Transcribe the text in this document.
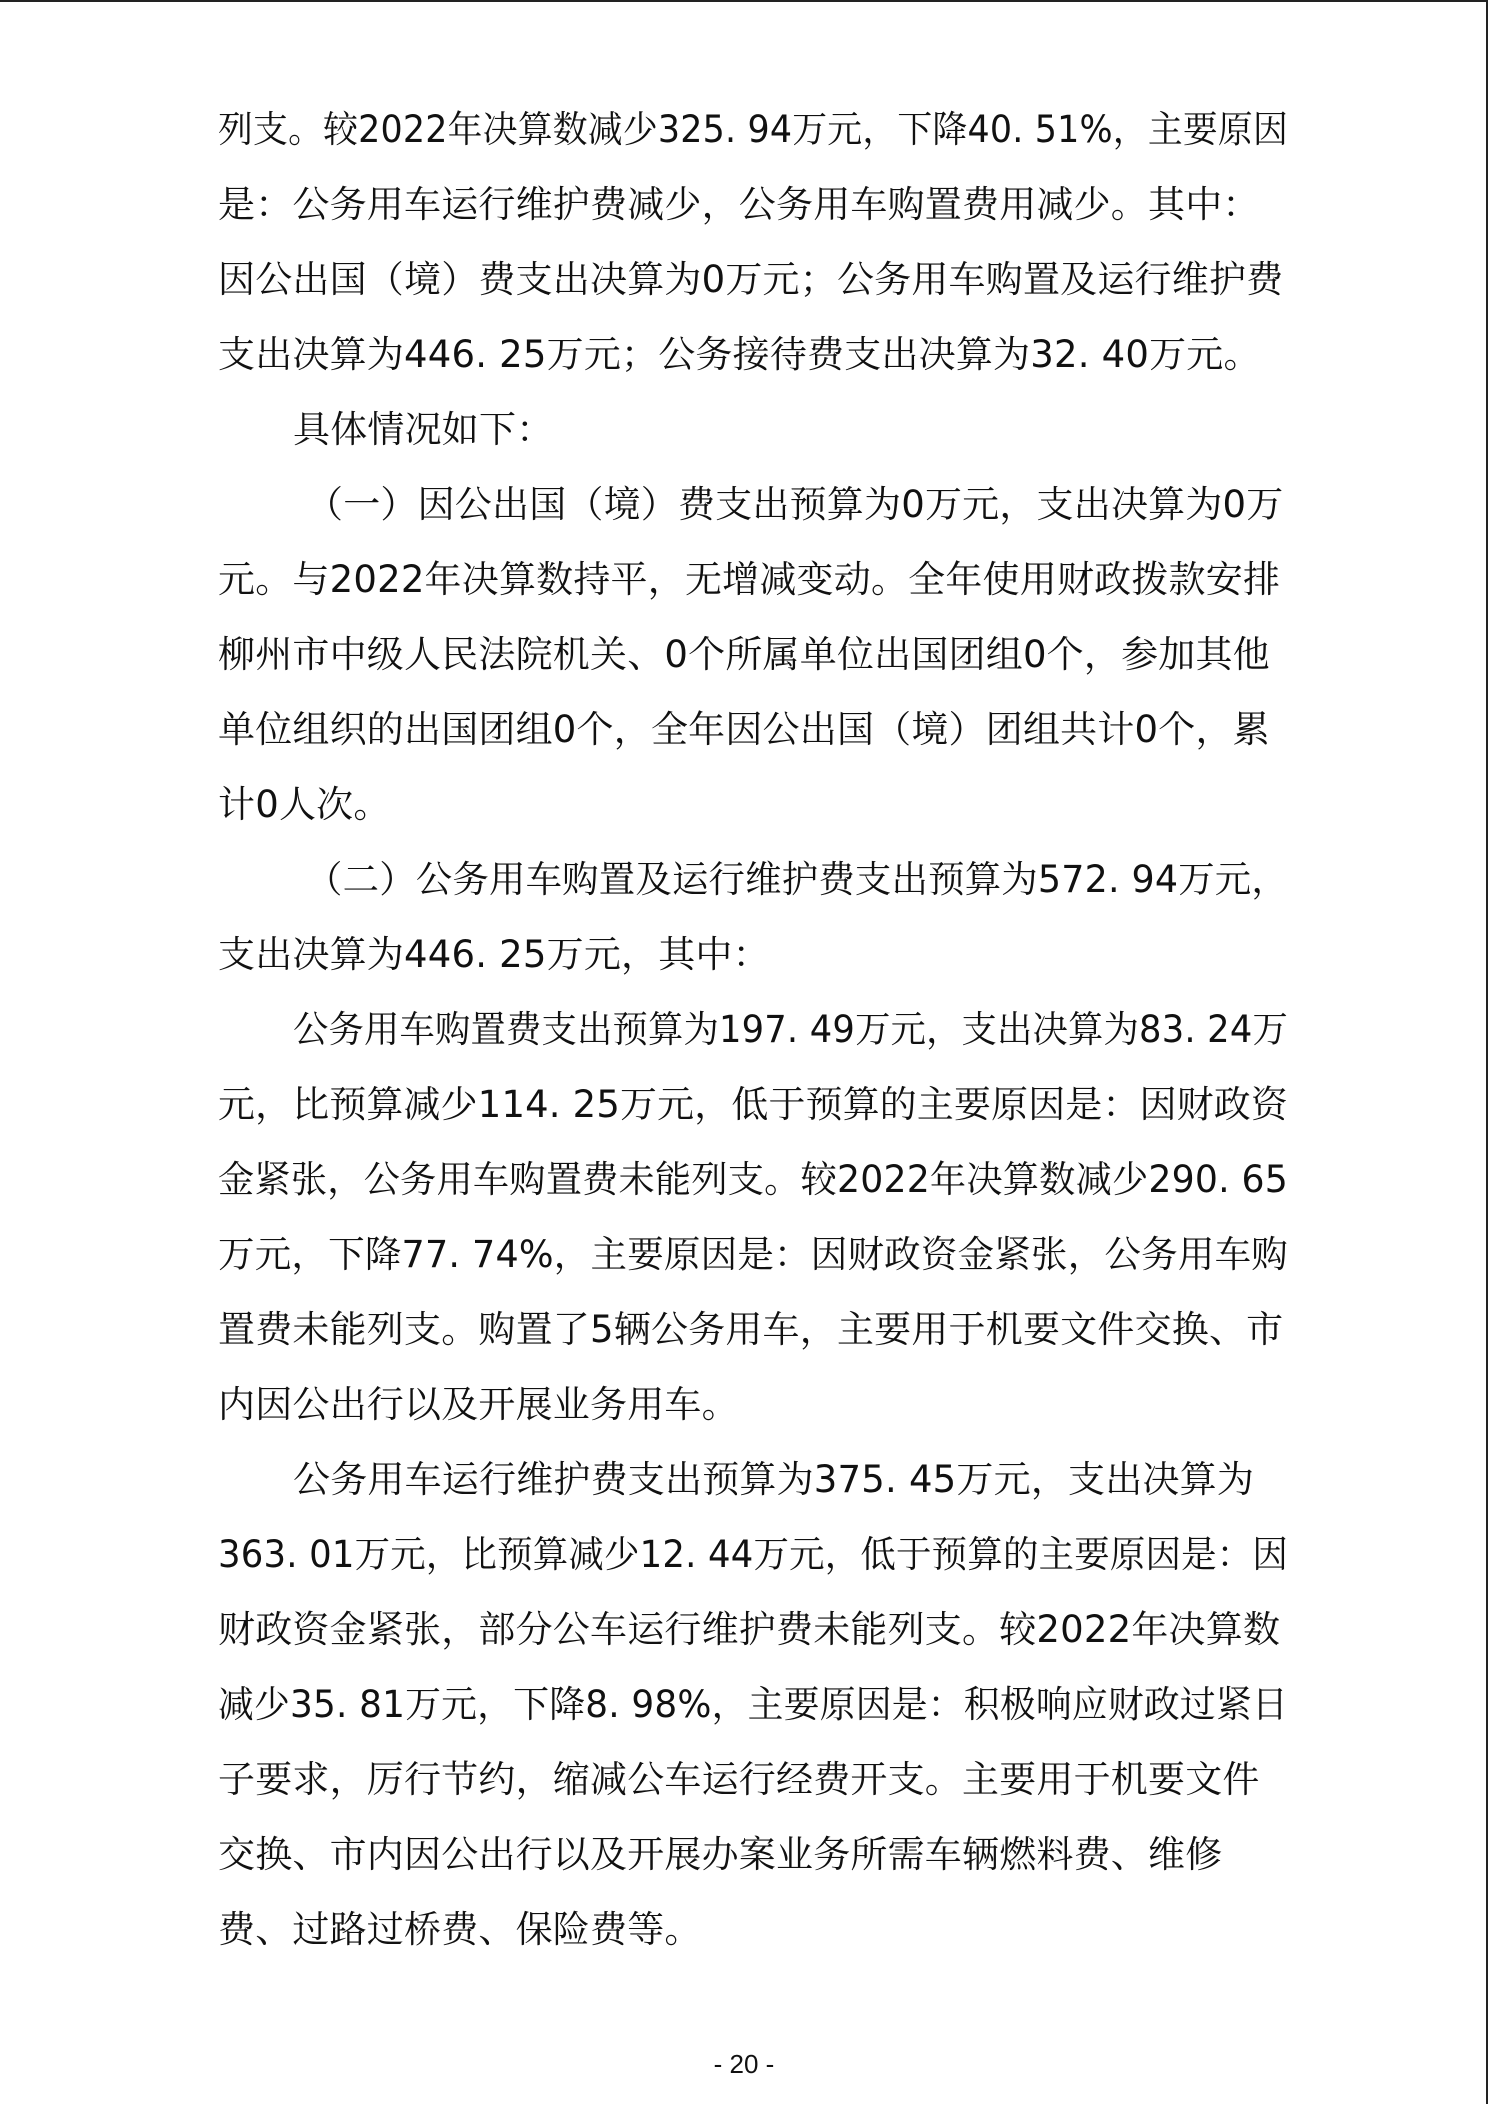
列支。较2022年决算数减少325. 94万元，下降40. 51%，主要原因
是：公务用车运行维护费减少，公务用车购置费用减少。其中：
因公出国（境）费支出决算为0万元；公务用车购置及运行维护费
支出决算为446. 25万元；公务接待费支出决算为32. 40万元。
具体情况如下：
（一）因公出国（境）费支出预算为0万元，支出决算为0万
元。与2022年决算数持平，无增减变动。全年使用财政拨款安排
柳州市中级人民法院机关、0个所属单位出国团组0个，参加其他
单位组织的出国团组0个，全年因公出国（境）团组共计0个，累
计0人次。
（二）公务用车购置及运行维护费支出预算为572. 94万元，
支出决算为446. 25万元，其中：
公务用车购置费支出预算为197. 49万元，支出决算为83. 24万
元，比预算减少114. 25万元，低于预算的主要原因是：因财政资
金紧张，公务用车购置费未能列支。较2022年决算数减少290. 65
万元，下降77. 74%，主要原因是：因财政资金紧张，公务用车购
置费未能列支。购置了5辆公务用车，主要用于机要文件交换、市
内因公出行以及开展业务用车。
公务用车运行维护费支出预算为375. 45万元，支出决算为
363. 01万元，比预算减少12. 44万元，低于预算的主要原因是：因
财政资金紧张，部分公车运行维护费未能列支。较2022年决算数
减少35. 81万元，下降8. 98%，主要原因是：积极响应财政过紧日
子要求，厉行节约，缩减公车运行经费开支。主要用于机要文件
交换、市内因公出行以及开展办案业务所需车辆燃料费、维修
费、过路过桥费、保险费等。
- 20 -
